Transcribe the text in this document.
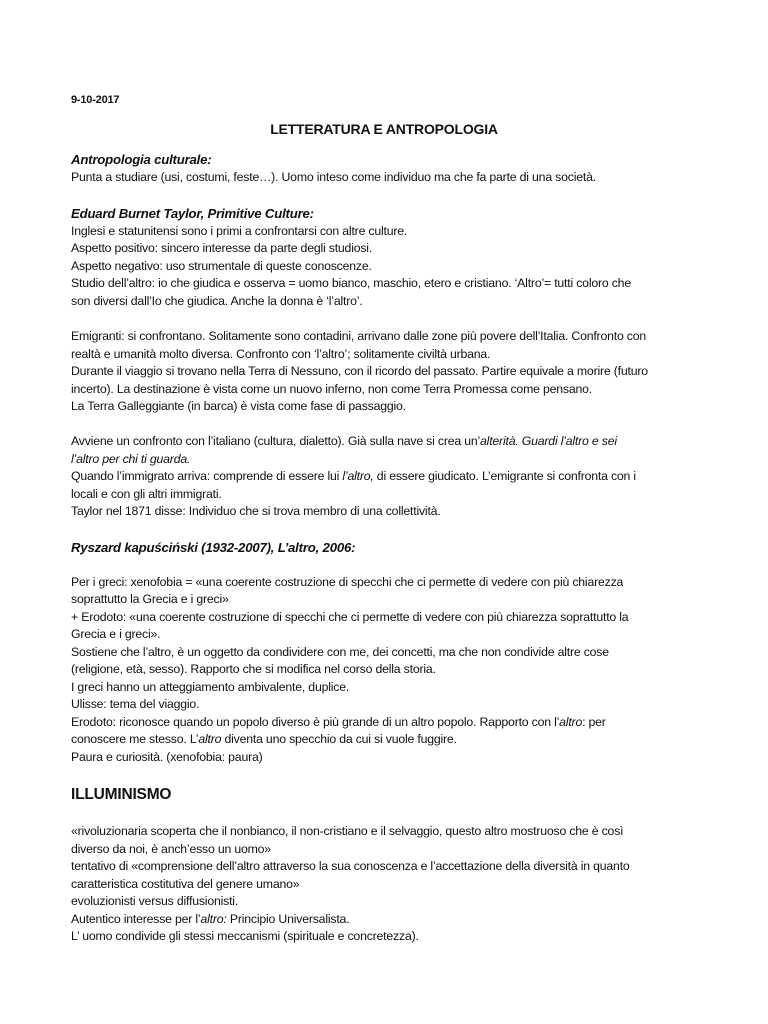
9-10-2017
LETTERATURA E ANTROPOLOGIA
Antropologia culturale:
Punta a studiare (usi, costumi, feste…). Uomo inteso come individuo ma che fa parte di una società.
Eduard Burnet Taylor, Primitive Culture:
Inglesi e statunitensi sono i primi a confrontarsi con altre culture.
Aspetto positivo: sincero interesse da parte degli studiosi.
Aspetto negativo: uso strumentale di queste conoscenze.
Studio dell’altro: io che giudica e osserva = uomo bianco, maschio, etero e cristiano. ‘Altro’= tutti coloro che
son diversi dall’Io che giudica. Anche la donna è ‘l’altro’.
Emigranti: si confrontano. Solitamente sono contadini, arrivano dalle zone più povere dell’Italia. Confronto con
realtà e umanità molto diversa. Confronto con ‘l’altro’; solitamente civiltà urbana.
Durante il viaggio si trovano nella Terra di Nessuno, con il ricordo del passato. Partire equivale a morire (futuro
incerto). La destinazione è vista come un nuovo inferno, non come Terra Promessa come pensano.
La Terra Galleggiante (in barca) è vista come fase di passaggio.
Avviene un confronto con l’italiano (cultura, dialetto). Già sulla nave si crea un’alterità. Guardi l’altro e sei
l’altro per chi ti guarda.
Quando l’immigrato arriva: comprende di essere lui l’altro, di essere giudicato. L’emigrante si confronta con i
locali e con gli altri immigrati.
Taylor nel 1871 disse: Individuo che si trova membro di una collettività.
Ryszard kapuściński (1932-2007), L’altro, 2006:
Per i greci: xenofobia = «una coerente costruzione di specchi che ci permette di vedere con più chiarezza
soprattutto la Grecia e i greci»
+ Erodoto: «una coerente costruzione di specchi che ci permette di vedere con più chiarezza soprattutto la
Grecia e i greci».
Sostiene che l’altro, è un oggetto da condividere con me, dei concetti, ma che non condivide altre cose
(religione, età, sesso). Rapporto che si modifica nel corso della storia.
I greci hanno un atteggiamento ambivalente, duplice.
Ulisse: tema del viaggio.
Erodoto: riconosce quando un popolo diverso è più grande di un altro popolo. Rapporto con l’altro: per
conoscere me stesso. L’altro diventa uno specchio da cui si vuole fuggire.
Paura e curiosità. (xenofobia: paura)
ILLUMINISMO
«rivoluzionaria scoperta che il nonbianco, il non-cristiano e il selvaggio, questo altro mostruoso che è così
diverso da noi, è anch’esso un uomo»
tentativo di «comprensione dell’altro attraverso la sua conoscenza e l’accettazione della diversità in quanto
caratteristica costitutiva del genere umano»
evoluzionisti versus diffusionisti.
Autentico interesse per l’altro: Principio Universalista.
L’ uomo condivide gli stessi meccanismi (spirituale e concretezza).
